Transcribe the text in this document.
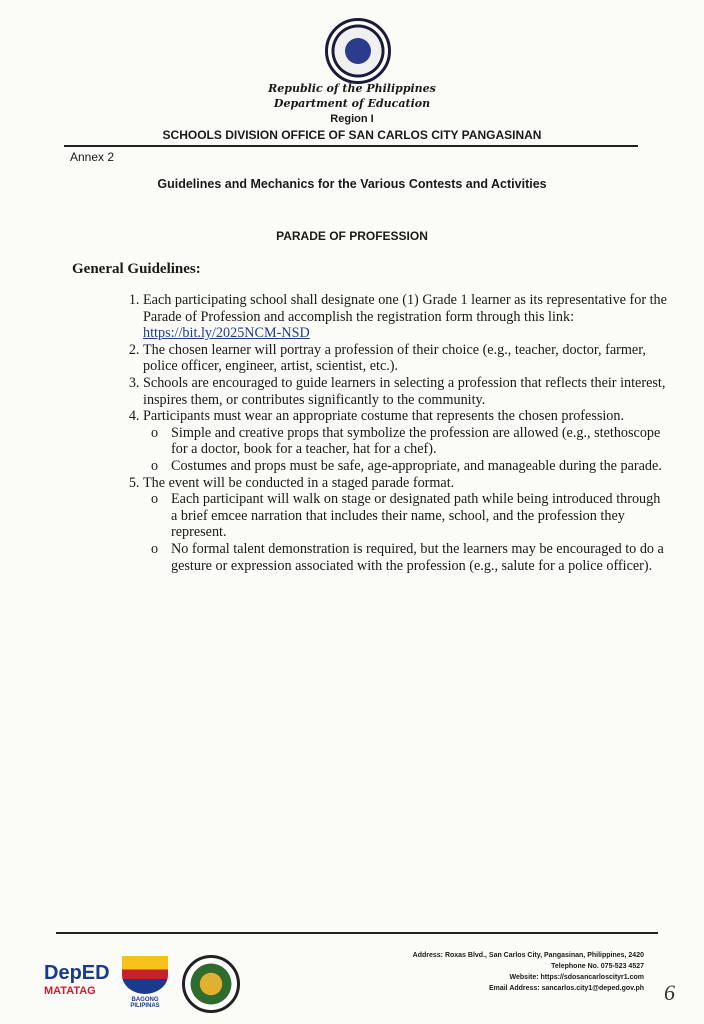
Republic of the Philippines
Department of Education
Region I
SCHOOLS DIVISION OFFICE OF SAN CARLOS CITY PANGASINAN
Annex 2
Guidelines and Mechanics for the Various Contests and Activities
PARADE OF PROFESSION
General Guidelines:
1. Each participating school shall designate one (1) Grade 1 learner as its representative for the Parade of Profession and accomplish the registration form through this link:
https://bit.ly/2025NCM-NSD
2. The chosen learner will portray a profession of their choice (e.g., teacher, doctor, farmer, police officer, engineer, artist, scientist, etc.).
3. Schools are encouraged to guide learners in selecting a profession that reflects their interest, inspires them, or contributes significantly to the community.
4. Participants must wear an appropriate costume that represents the chosen profession.
o Simple and creative props that symbolize the profession are allowed (e.g., stethoscope for a doctor, book for a teacher, hat for a chef).
o Costumes and props must be safe, age-appropriate, and manageable during the parade.
5. The event will be conducted in a staged parade format.
o Each participant will walk on stage or designated path while being introduced through a brief emcee narration that includes their name, school, and the profession they represent.
o No formal talent demonstration is required, but the learners may be encouraged to do a gesture or expression associated with the profession (e.g., salute for a police officer).
DepED
MATATAG
BAGONG PILIPINAS
Address: Roxas Blvd., San Carlos City, Pangasinan, Philippines, 2420
Telephone No. 075-523 4527
Website: https://sdosancarloscityr1.com
Email Address: sancarlos.city1@deped.gov.ph 6
